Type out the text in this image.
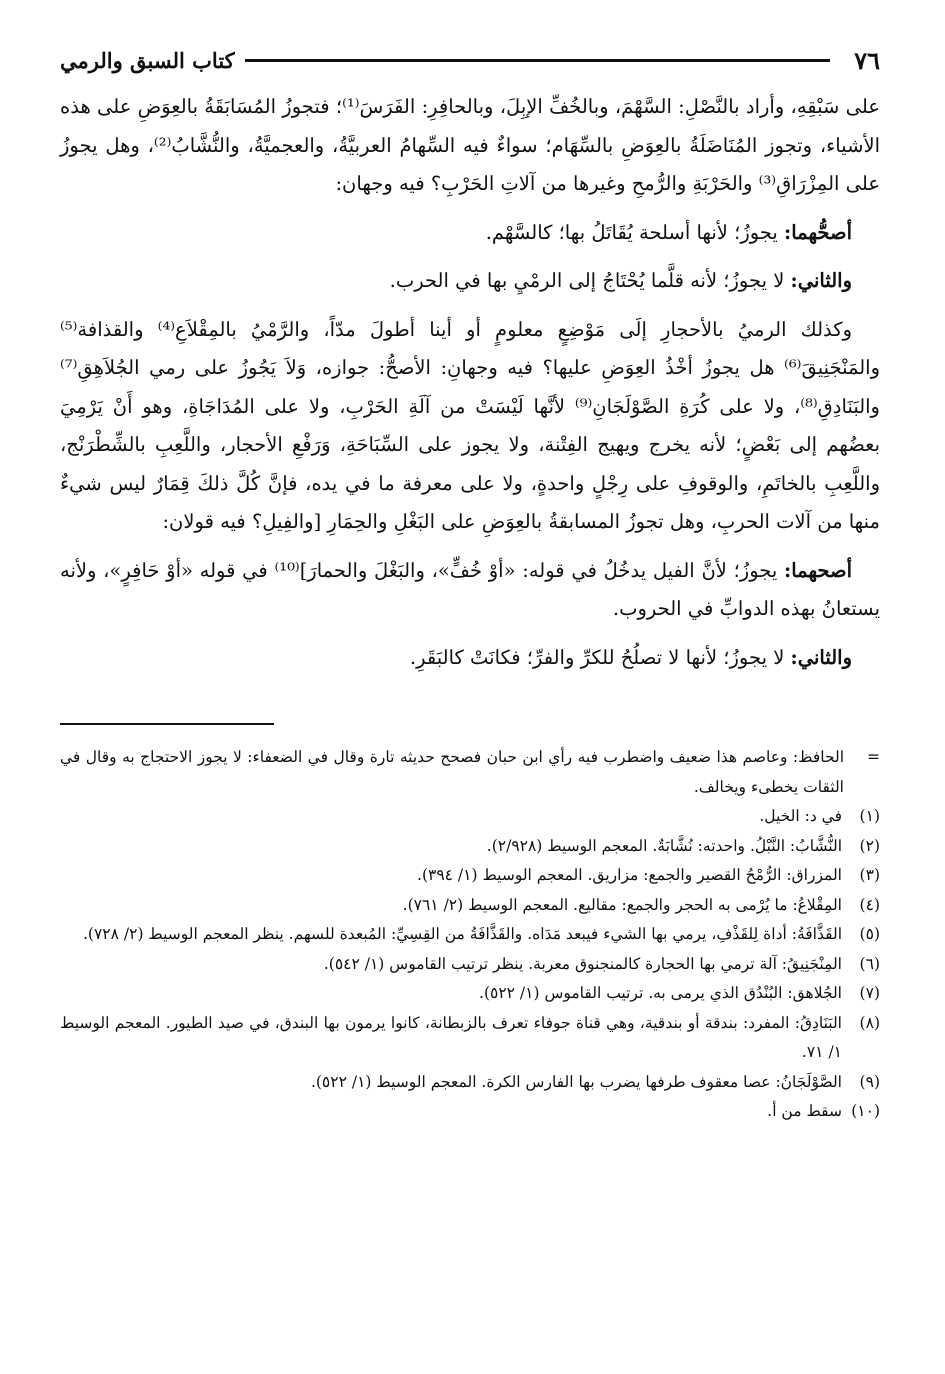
٧٦
كتاب السبق والرمي

على سَبْقِهِ، وأراد بالنَّصْلِ: السَّهْمَ، وبالخُفِّ الإبِلَ، وبالحافِرِ: الفَرَسَ⁽¹⁾؛ فتجوزُ المُسَابَقَةُ بالعِوَضِ على هذه الأشياء، وتجوز المُنَاضَلَةُ بالعِوَضِ بالسِّهَام؛ سواءٌ فيه السِّهامُ العربيَّةُ، والعجميَّةُ، والنُّشَّابُ⁽²⁾، وهل يجوزُ على المِزْرَاقِ⁽³⁾ والحَرْبَةِ والرُّمحِ وغيرها من آلاتِ الحَرْبِ؟ فيه وجهان:

أصحُّهما: يجوزُ؛ لأنها أسلحة يُقَاتَلُ بها؛ كالسَّهْم.

والثاني: لا يجوزُ؛ لأنه قلَّما يُحْتَاجُ إلى الرمْيِ بها في الحرب.

وكذلك الرميُ بالأحجارِ إلَى مَوْضِعٍ معلومٍ أو أينا أطولَ مدّاً، والرَّمْيُ بالمِقْلاَعِ⁽⁴⁾ والقذافة⁽⁵⁾ والمَنْجَنِيقَ⁽⁶⁾ هل يجوزُ أخْذُ العِوَضِ عليها؟ فيه وجهانِ: الأصحُّ: جوازه، وَلاَ يَجُوزُ على رمي الجُلاَهِقِ⁽⁷⁾ والبَنَادِقِ⁽⁸⁾، ولا على كُرَةِ الصَّوْلَجَانِ⁽⁹⁾ لأنَّها لَيْسَتْ من آلَةِ الحَرْبِ، ولا على المُدَاجَاةِ، وهو أَنْ يَرْمِيَ بعضُهم إلى بَعْضٍ؛ لأنه يخرج ويهيج الفِتْنة، ولا يجوز على السِّبَاحَةِ، وَرَفْعِ الأحجار، واللَّعِبِ بالشِّطْرَنْج، واللَّعِبِ بالخاتَمِ، والوقوفِ على رِجْلٍ واحدةٍ، ولا على معرفة ما في يده، فإنَّ كُلَّ ذلكَ قِمَارٌ ليس شيءٌ منها من آلات الحربِ، وهل تجوزُ المسابقةُ بالعِوَضِ على البَغْلِ والحِمَارِ [والفِيلِ؟ فيه قولان:

أصحهما: يجوزُ؛ لأنَّ الفيل يدخُلُ في قوله: «أوْ خُفٍّ»، والبَغْلَ والحمارَ]⁽¹⁰⁾ في قوله «أوْ حَافِرٍ»، ولأنه يستعانُ بهذه الدوابِّ في الحروب.

والثاني: لا يجوزُ؛ لأنها لا تصلُحُ للكرِّ والفرِّ؛ فكانَتْ كالبَقَرِ.

=الحافظ: وعاصم هذا ضعيف واضطرب فيه رأي ابن حبان فصحح حديثه تارة وقال في الضعفاء: لا يجوز الاحتجاج به وقال في الثقات يخطىء ويخالف.

(١)في د: الخيل.

(٢)النُّشَّابُ: النَّبْلُ. واحدته: نُشَّابَةٌ. المعجم الوسيط (٢/٩٢٨).

(٣)المزراق: الرُّمْحُ القصير والجمع: مزاريق. المعجم الوسيط (١/ ٣٩٤).

(٤)المِقْلاعُ: ما يُرْمى به الحجر والجمع: مقاليع. المعجم الوسيط (٢/ ٧٦١).

(٥)القَذَّافَةُ: أداة لِلقَذْفِ، يرمي بها الشيء فيبعد مَدَاه. والقَذَّافَةُ من القِسِيِّ: المُبعدة للسهم. ينظر المعجم الوسيط (٢/ ٧٢٨).

(٦)المِنْجَنِيقُ: آلة ترمي بها الحجارة كالمنجنوق معربة. ينظر ترتيب القاموس (١/ ٥٤٢).

(٧)الجُلاهق: البُنْدُق الذي يرمى به. ترتيب القاموس (١/ ٥٢٢).

(٨)البَنَادِقُ: المفرد: بندقة أو بندقية، وهي قناة جوفاء تعرف بالزبطانة، كانوا يرمون بها البندق، في صيد الطيور. المعجم الوسيط ١/ ٧١.

(٩)الصَّوْلَجَانُ: عصا معقوف طرفها يضرب بها الفارس الكرة. المعجم الوسيط (١/ ٥٢٢).

(١٠)سقط من أ.
